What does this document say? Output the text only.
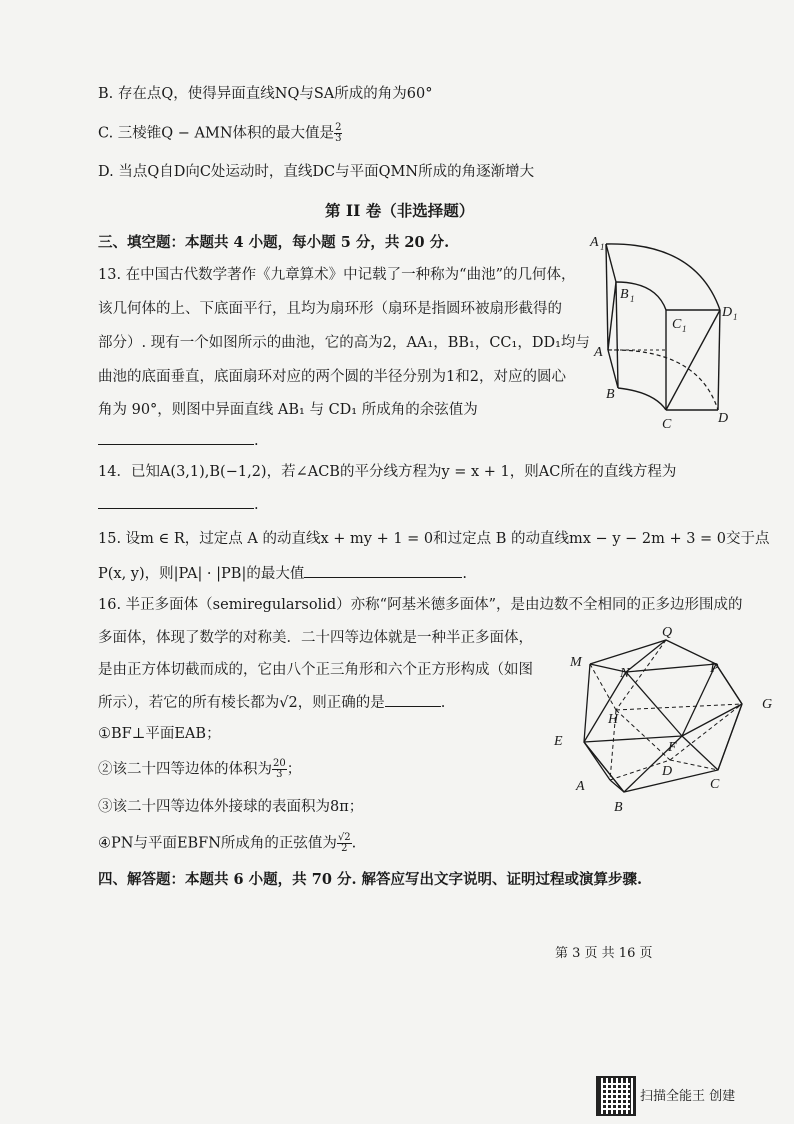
B. 存在点Q，使得异面直线NQ与SA所成的角为60°
C. 三棱锥Q − AMN体积的最大值是 $\frac{2}{3}$
D. 当点Q自D向C处运动时，直线DC与平面QMN所成的角逐渐增大
第 II 卷（非选择题）
三、填空题：本题共 4 小题，每小题 5 分，共 20 分.
13. 在中国古代数学著作《九章算术》中记载了一种称为“曲池”的几何体，
该几何体的上、下底面平行，且均为扇环形（扇环是指圆环被扇形截得的
部分）. 现有一个如图所示的曲池，它的高为2，AA₁，BB₁，CC₁，DD₁均与
曲池的底面垂直，底面扇环对应的两个圆的半径分别为1和2，对应的圆心
角为 90°，则图中异面直线 AB₁ 与 CD₁ 所成角的余弦值为
.
A 1
B 1
C 1
D 1
A
B
C	D
14．已知A(3,1),B(−1,2)，若∠ACB的平分线方程为y = x + 1，则AC所在的直线方程为
.
15. 设m ∈ R，过定点 A 的动直线x + my + 1 = 0和过定点 B 的动直线mx − y − 2m + 3 = 0交于点
P(x, y)，则|PA| · |PB|的最大值	.
16. 半正多面体（semiregularsolid）亦称“阿基米德多面体”，是由边数不全相同的正多边形围成的
多面体，体现了数学的对称美．二十四等边体就是一种半正多面体，
是由正方体切截而成的，它由八个正三角形和六个正方形构成（如图
所示），若它的所有棱长都为√2，则正确的是	.
①BF⊥平面EAB；
②该二十四等边体的体积为 $\frac{20}{3}$ ；
③该二十四等边体外接球的表面积为8π；
④PN与平面EBFN所成角的正弦值为 $\frac{√2}{2}$ .
Q
M
N	P
G
H
E	F
D
A
B
C
四、解答题：本题共 6 小题，共 70 分. 解答应写出文字说明、证明过程或演算步骤.
第 3 页 共 16 页
扫描全能王 创建
